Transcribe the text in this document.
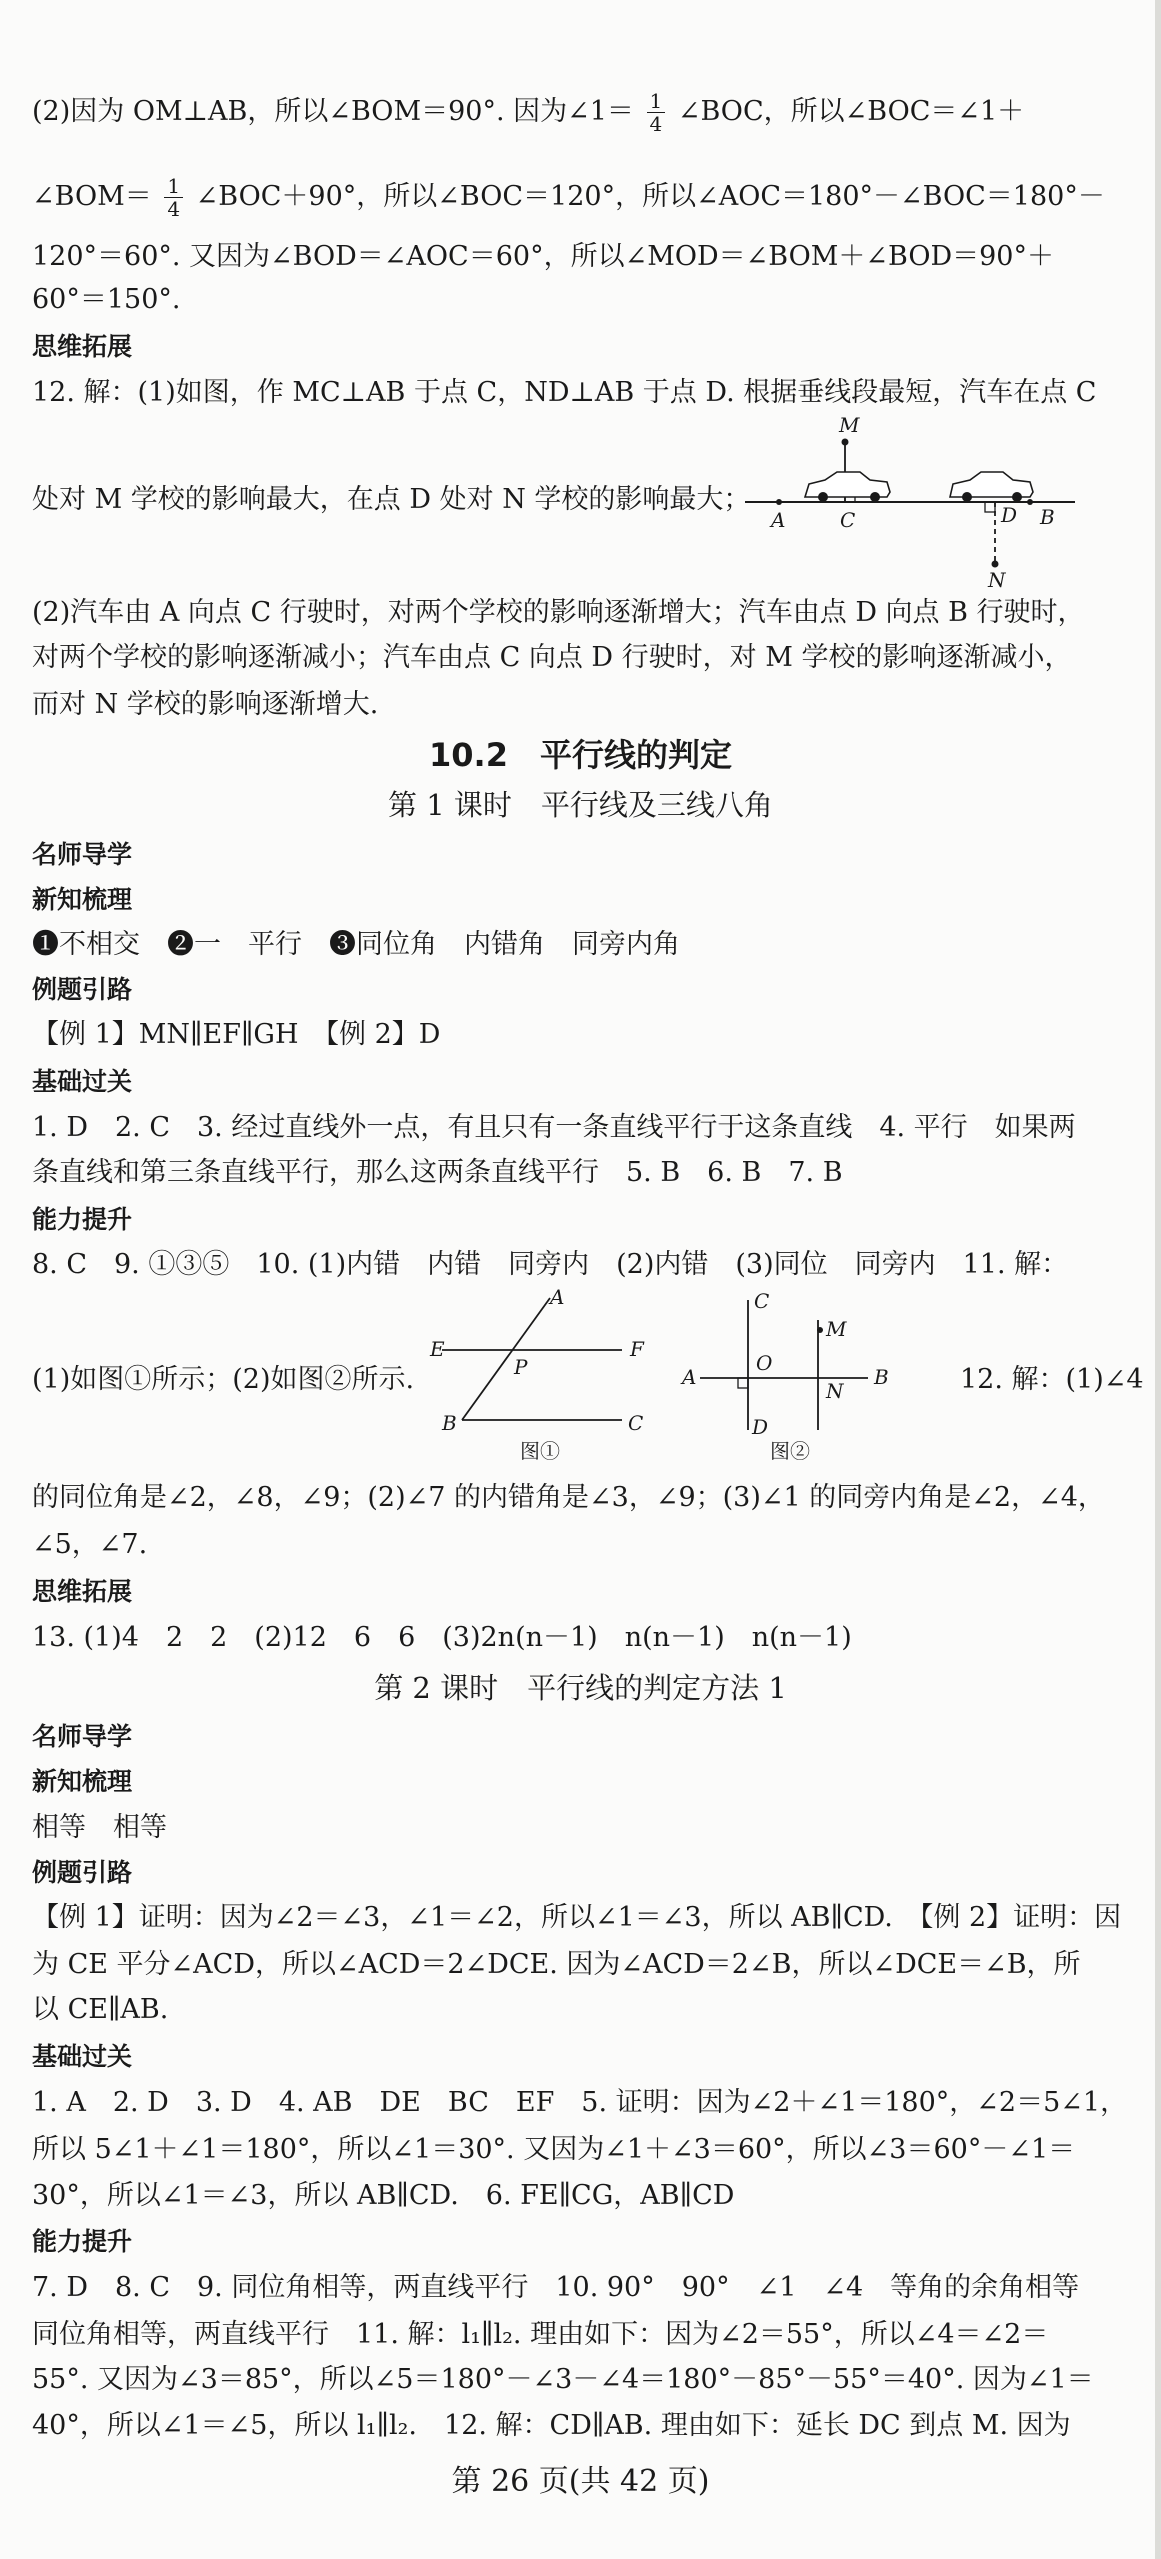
(2)因为 OM⊥AB，所以∠BOM＝90°. 因为∠1＝ $\frac{1}{4}$ ∠BOC，所以∠BOC＝∠1＋
∠BOM＝ $\frac{1}{4}$ ∠BOC＋90°，所以∠BOC＝120°，所以∠AOC＝180°－∠BOC＝180°－
120°＝60°. 又因为∠BOD＝∠AOC＝60°，所以∠MOD＝∠BOM＋∠BOD＝90°＋
60°＝150°.
思维拓展
12. 解：(1)如图，作 MC⊥AB 于点 C，ND⊥AB 于点 D. 根据垂线段最短，汽车在点 C
处对 M 学校的影响最大，在点 D 处对 N 学校的影响最大；
M
A	C	D B
N
(2)汽车由 A 向点 C 行驶时，对两个学校的影响逐渐增大；汽车由点 D 向点 B 行驶时，
对两个学校的影响逐渐减小；汽车由点 C 向点 D 行驶时，对 M 学校的影响逐渐减小，
而对 N 学校的影响逐渐增大.
10.2　平行线的判定
第 1 课时　平行线及三线八角
名师导学
新知梳理
❶不相交　❷一　平行　❸同位角　内错角　同旁内角
例题引路
【例 1】MN∥EF∥GH　【例 2】D
基础过关
1. D　2. C　3. 经过直线外一点，有且只有一条直线平行于这条直线　4. 平行　如果两
条直线和第三条直线平行，那么这两条直线平行　5. B　6. B　7. B
能力提升
8. C　9. ①③⑤　10. (1)内错　内错　同旁内　(2)内错　(3)同位　同旁内　11. 解：
(1)如图①所示；(2)如图②所示.	12. 解：(1)∠4
A
E	F
P
B	C
图①
C
M
A
O
B
N
D
图②
的同位角是∠2，∠8，∠9；(2)∠7 的内错角是∠3，∠9；(3)∠1 的同旁内角是∠2，∠4，
∠5，∠7.
思维拓展
13. (1)4　2　2　(2)12　6　6　(3)2n(n－1)　n(n－1)　n(n－1)
第 2 课时　平行线的判定方法 1
名师导学
新知梳理
相等　相等
例题引路
【例 1】证明：因为∠2＝∠3，∠1＝∠2，所以∠1＝∠3，所以 AB∥CD.　【例 2】证明：因
为 CE 平分∠ACD，所以∠ACD＝2∠DCE. 因为∠ACD＝2∠B，所以∠DCE＝∠B，所
以 CE∥AB.
基础过关
1. A　2. D　3. D　4. AB　DE　BC　EF　5. 证明：因为∠2＋∠1＝180°，∠2＝5∠1，
所以 5∠1＋∠1＝180°，所以∠1＝30°. 又因为∠1＋∠3＝60°，所以∠3＝60°－∠1＝
30°，所以∠1＝∠3，所以 AB∥CD.　6. FE∥CG，AB∥CD
能力提升
7. D　8. C　9. 同位角相等，两直线平行　10. 90°　90°　∠1　∠4　等角的余角相等
同位角相等，两直线平行　11. 解：l₁∥l₂. 理由如下：因为∠2＝55°，所以∠4＝∠2＝
55°. 又因为∠3＝85°，所以∠5＝180°－∠3－∠4＝180°－85°－55°＝40°. 因为∠1＝
40°，所以∠1＝∠5，所以 l₁∥l₂.　12. 解：CD∥AB. 理由如下：延长 DC 到点 M. 因为
第 26 页(共 42 页)
